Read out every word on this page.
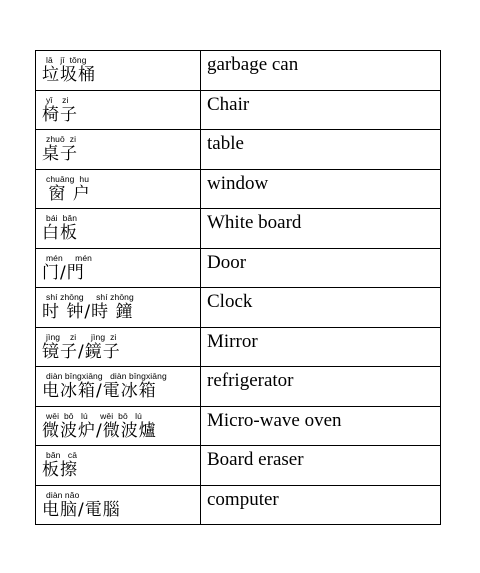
lā   jī  tǒng
垃圾桶	garbage can

yǐ    zi
椅子	Chair

zhuō  zi
桌子	table

chuāng  hu
窗 户	window

bái  bǎn
白板	White board

mén     mén
门/門	Door

shí zhōng     shí zhōng
时 钟/時 鐘	Clock

jìng    zi      jìng  zi
镜子/鏡子	Mirror

diàn bīngxiāng   diàn bīngxiāng
电冰箱/電冰箱	refrigerator

wēi  bō   lú     wēi  bō   lú
微波炉/微波爐	Micro-wave oven

bǎn   cā
板擦	Board eraser

diàn nǎo
电脑/電腦	computer
